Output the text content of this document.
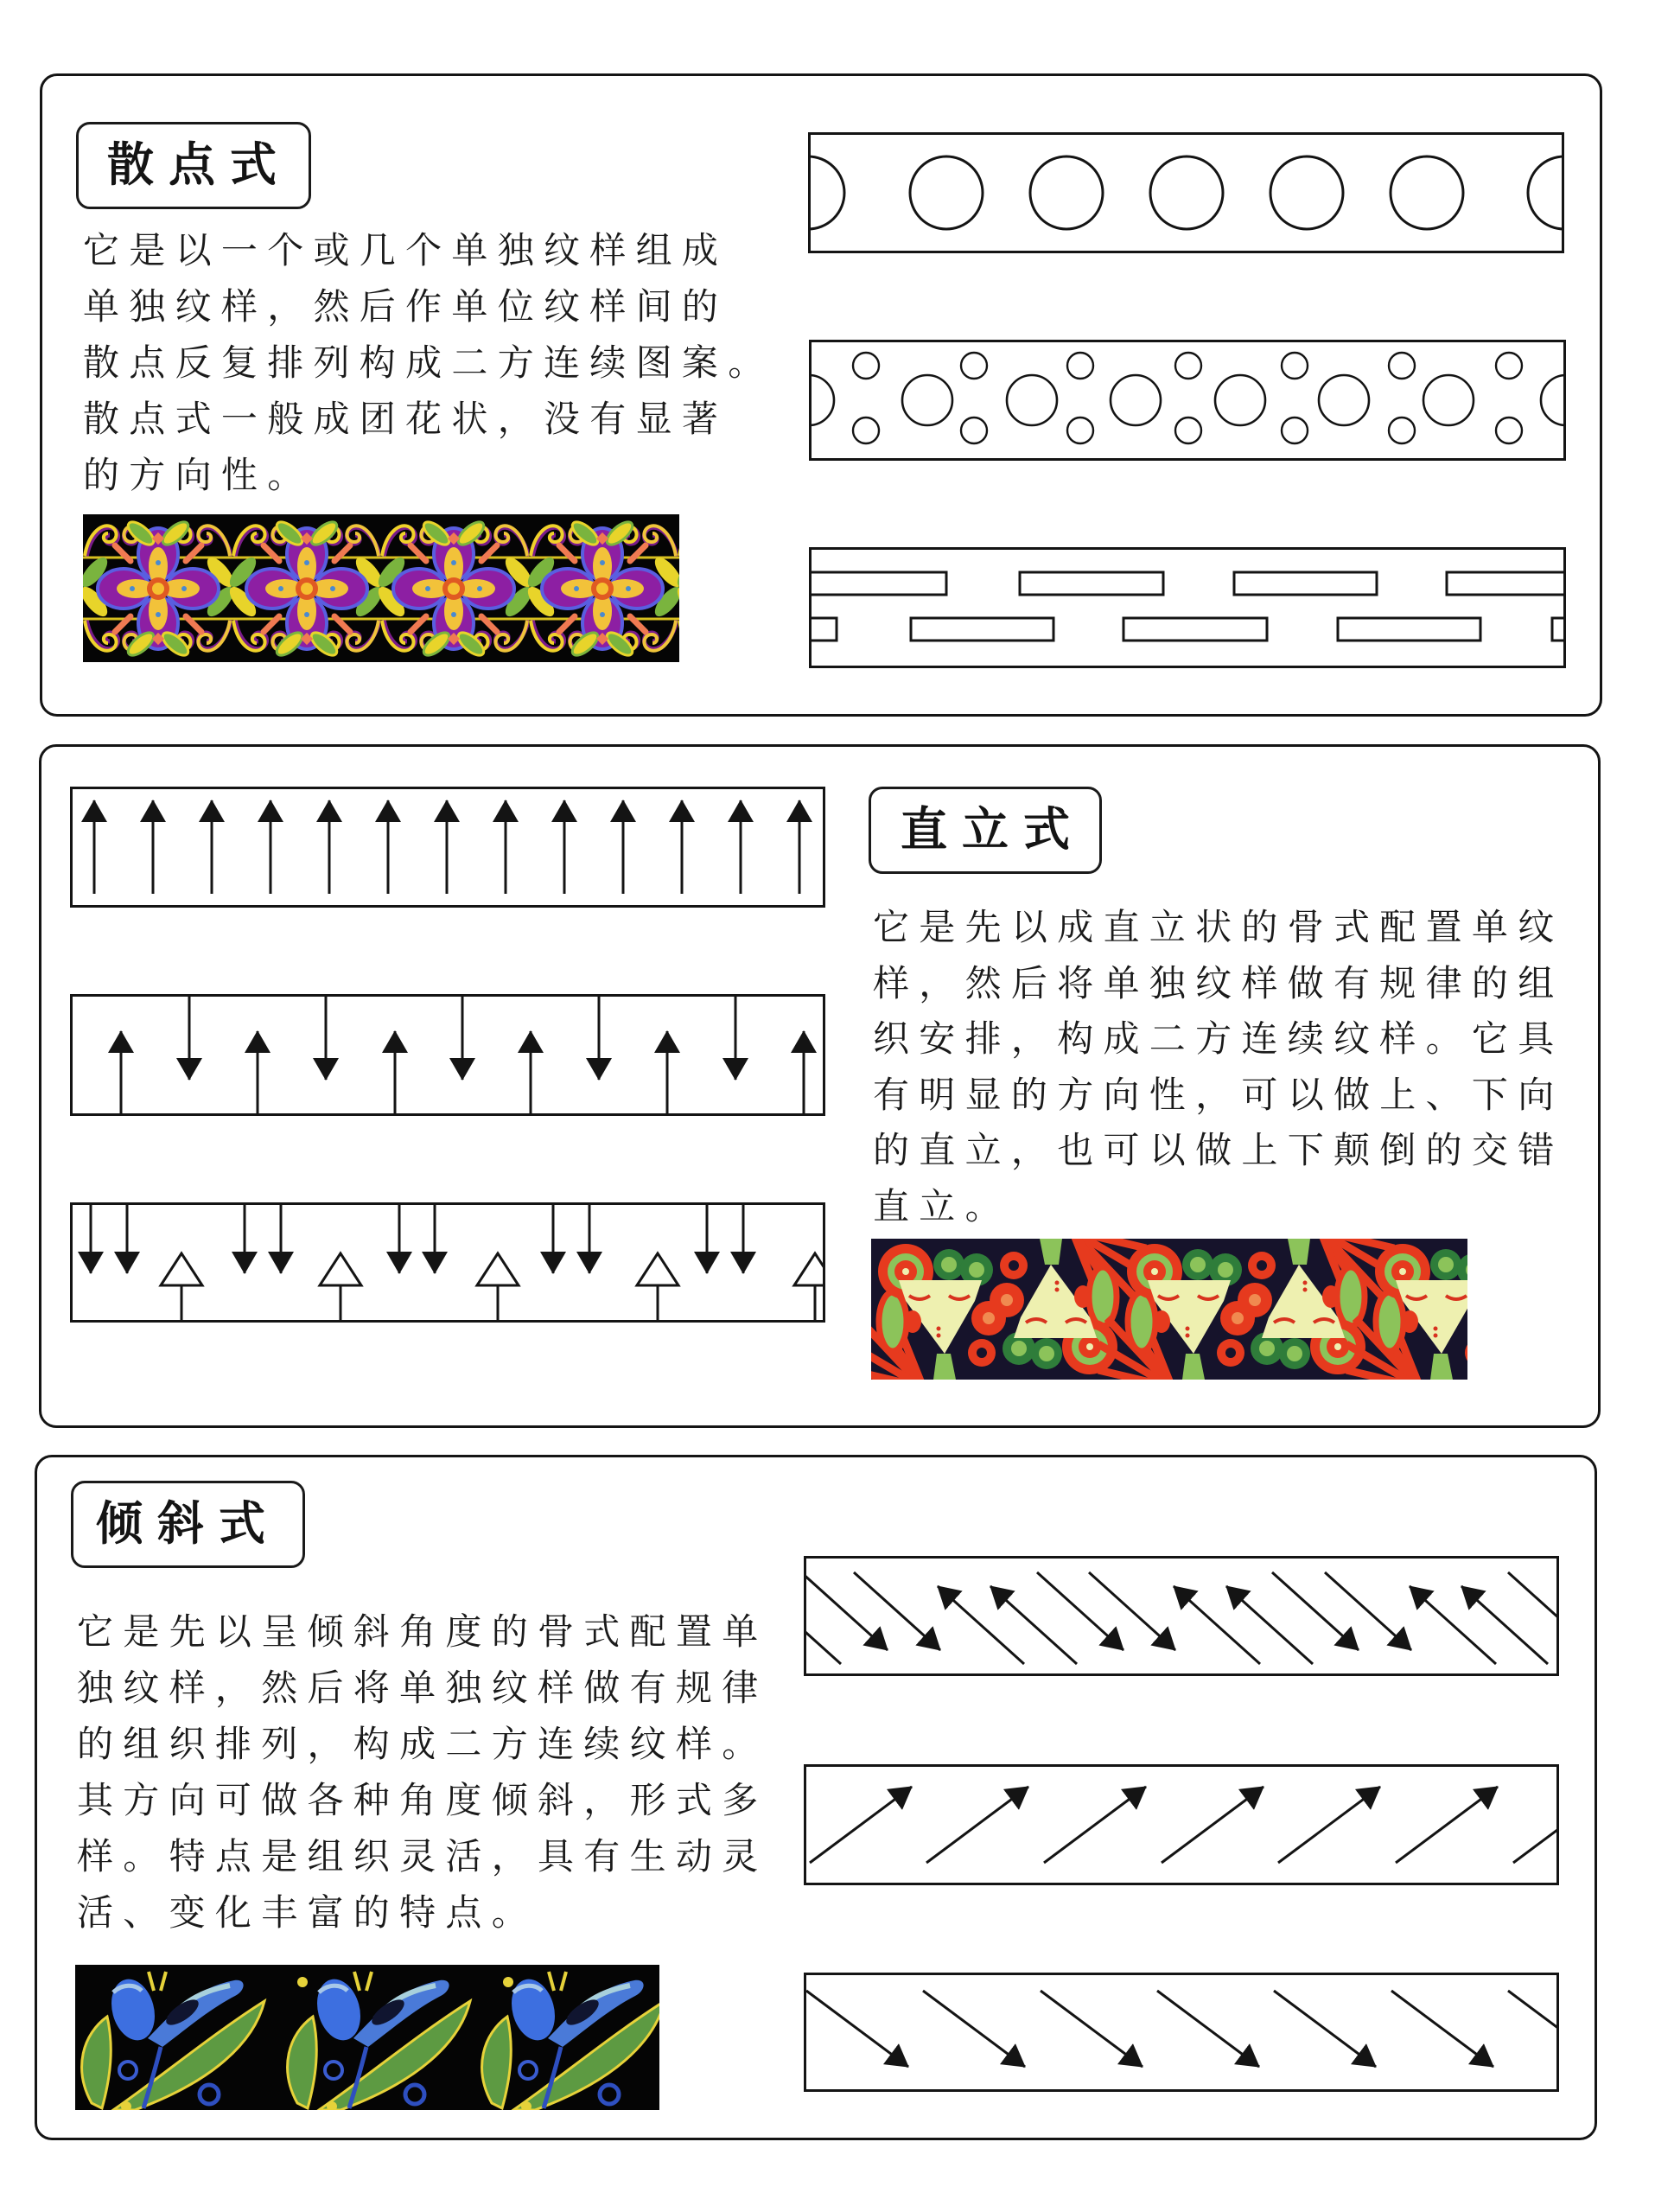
散点式
它是以一个或几个单独纹样组成
单独纹样，然后作单位纹样间的
散点反复排列构成二方连续图案。
散点式一般成团花状，没有显著
的方向性。
直立式
它是先以成直立状的骨式配置单纹
样，然后将单独纹样做有规律的组
织安排，构成二方连续纹样。它具
有明显的方向性，可以做上、下向
的直立，也可以做上下颠倒的交错
直立。
倾斜式
它是先以呈倾斜角度的骨式配置单
独纹样，然后将单独纹样做有规律
的组织排列，构成二方连续纹样。
其方向可做各种角度倾斜，形式多
样。特点是组织灵活，具有生动灵
活、变化丰富的特点。
